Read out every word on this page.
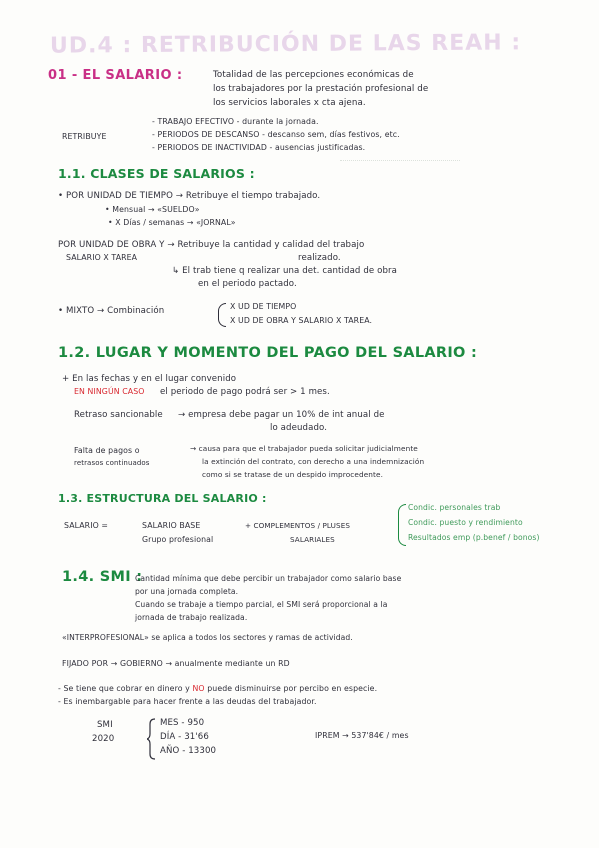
UD.4 : RETRIBUCIÓN DE LAS REAH :
01 - EL SALARIO :	Totalidad de las percepciones económicas de
los trabajadores por la prestación profesional de
los servicios laborales x cta ajena.
RETRIBUYE
- TRABAJO EFECTIVO - durante la jornada.
- PERIODOS DE DESCANSO - descanso sem, días festivos, etc.
- PERIODOS DE INACTIVIDAD - ausencias justificadas.
1.1. CLASES DE SALARIOS :
• POR UNIDAD DE TIEMPO → Retribuye el tiempo trabajado.
• Mensual → «SUELDO»
• X Días / semanas → «JORNAL»
POR UNIDAD DE OBRA Y → Retribuye la cantidad y calidad del trabajo
SALARIO X TAREA	realizado.
↳ El trab tiene q realizar una det. cantidad de obra
en el periodo pactado.
• MIXTO → Combinación	X UD DE TIEMPO
X UD DE OBRA Y SALARIO X TAREA.
1.2. LUGAR Y MOMENTO DEL PAGO DEL SALARIO :
+ En las fechas y en el lugar convenido
EN NINGÚN CASO el periodo de pago podrá ser > 1 mes.
Retraso sancionable → empresa debe pagar un 10% de int anual de
lo adeudado.
Falta de pagos o
retrasos continuados
→ causa para que el trabajador pueda solicitar judicialmente
la extinción del contrato, con derecho a una indemnización
como si se tratase de un despido improcedente.
1.3. ESTRUCTURA DEL SALARIO :
SALARIO =	SALARIO BASE
Grupo profesional
+ COMPLEMENTOS / PLUSES
SALARIALES
Condic. personales trab
Condic. puesto y rendimiento
Resultados emp (p.benef / bonos)
1.4. SMI :
Cantidad mínima que debe percibir un trabajador como salario base
por una jornada completa.
Cuando se trabaje a tiempo parcial, el SMI será proporcional a la
jornada de trabajo realizada.
«INTERPROFESIONAL» se aplica a todos los sectores y ramas de actividad.
FIJADO POR → GOBIERNO → anualmente mediante un RD
- Se tiene que cobrar en dinero y NO puede disminuirse por percibo en especie.
- Es inembargable para hacer frente a las deudas del trabajador.
SMI
2020
MES - 950
DÍA - 31'66
AÑO - 13300
IPREM → 537'84€ / mes
